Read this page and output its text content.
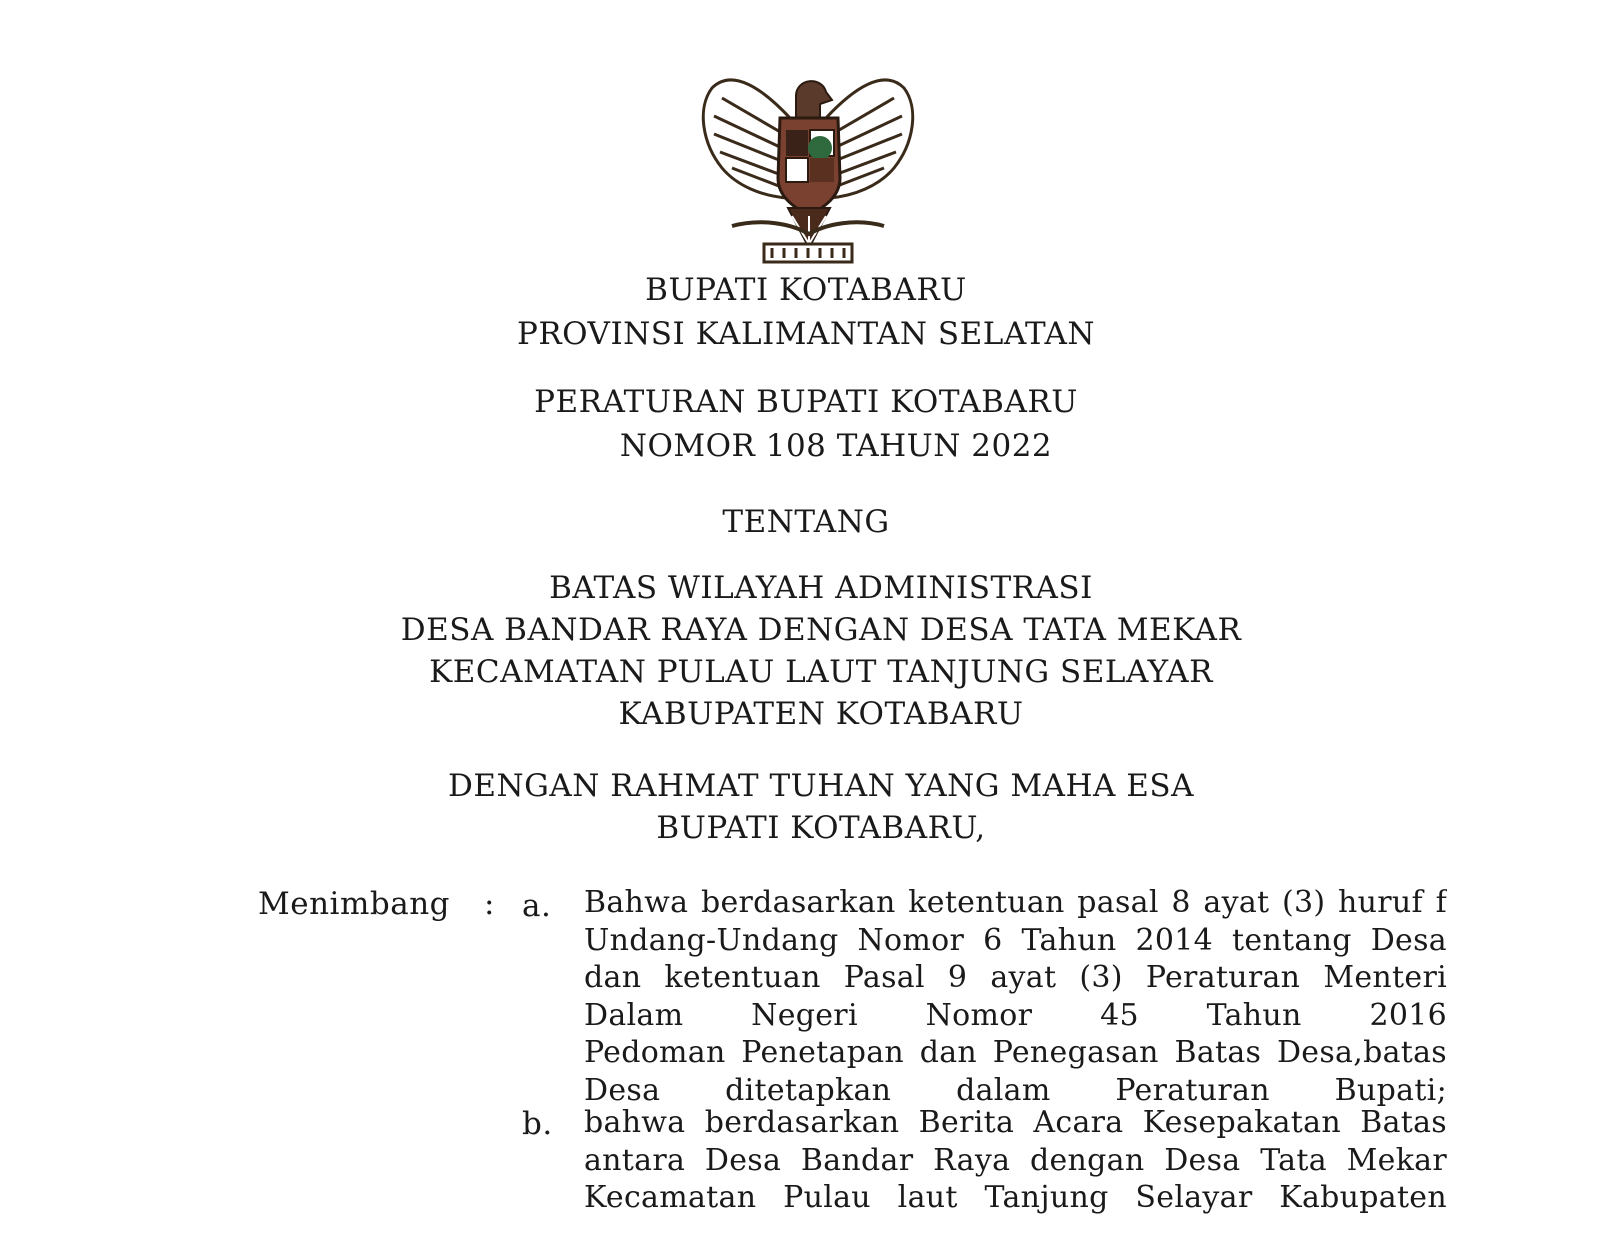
BUPATI KOTABARU
PROVINSI KALIMANTAN SELATAN
PERATURAN BUPATI KOTABARU
NOMOR 108 TAHUN 2022
TENTANG
BATAS WILAYAH ADMINISTRASI
DESA BANDAR RAYA DENGAN DESA TATA MEKAR
KECAMATAN PULAU LAUT TANJUNG SELAYAR
KABUPATEN KOTABARU
DENGAN RAHMAT TUHAN YANG MAHA ESA
BUPATI KOTABARU,
Menimbang : a. Bahwa berdasarkan ketentuan pasal 8 ayat (3) huruf f
Undang-Undang Nomor 6 Tahun 2014 tentang Desa
dan ketentuan Pasal 9 ayat (3) Peraturan Menteri
Dalam Negeri Nomor 45 Tahun 2016
Pedoman Penetapan dan Penegasan Batas Desa,batas
Desa ditetapkan dalam Peraturan Bupati;
b. bahwa berdasarkan Berita Acara Kesepakatan Batas
antara Desa Bandar Raya dengan Desa Tata Mekar
Kecamatan Pulau laut Tanjung Selayar Kabupaten
